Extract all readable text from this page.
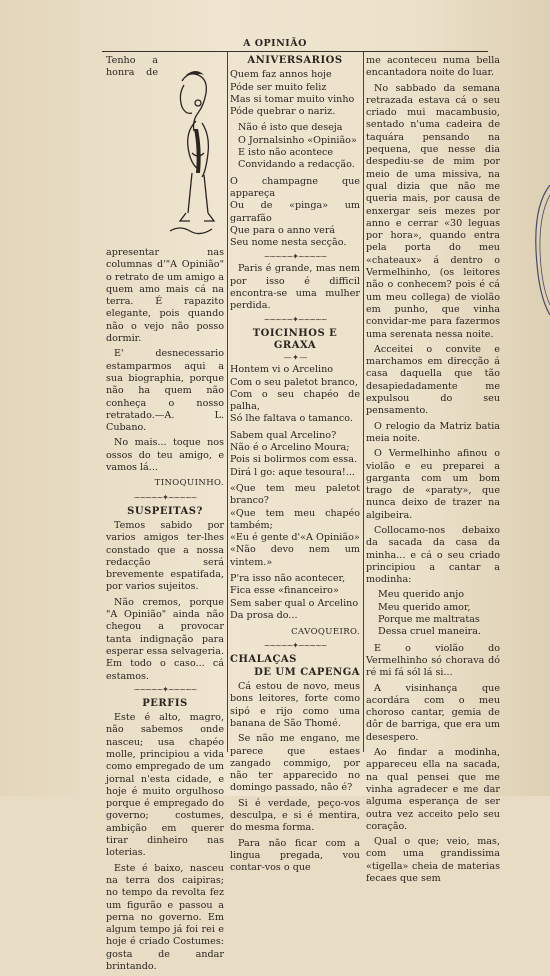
A OPINIÃO

Tenho a honra de apresentar nas columnas d'"A Opinião" o retrato de um amigo a quem amo mais cá na terra. É rapazito elegante, pois quando não o vejo não posso dormir.

E' desnecessario estamparmos aqui a sua biographia, porque não ha quem não conheça o nosso retratado.—A. L. Cubano.

No mais... toque nos ossos do teu amigo, e vamos lá...

TINOQUINHO.
~~~~~✦~~~~~
SUSPEITAS?

Temos sabido por varios amigos ter-lhes constado que a nossa redacção será brevemente espatifada, por varios sujeitos.

Não cremos, porque "A Opinião" ainda não chegou a provocar tanta indignação para esperar essa selvageria. Em todo o caso... cá estamos.

~~~~~✦~~~~~
PERFIS

Este é alto, magro, não sabemos onde nasceu; usa chapéo molle, principiou a vida como empregado de um jornal n'esta cidade, e hoje é muito orgulhoso porque é empregado do governo; costumes, ambição em querer tirar dinheiro nas loterias.

Este é baixo, nasceu na terra dos caipiras; no tempo da revolta fez um figurão e passou a perna no governo. Em algum tempo já foi rei e hoje é criado Costumes: gosta de andar brintando.

ANIVERSARIOS
Quem faz annos hoje
Póde ser muito feliz
Mas si tomar muito vinho
Póde quebrar o nariz.
Não é isto que deseja
O Jornalsinho «Opinião»
E isto não acontece
Convidando a redacção.
O champagne que appareça
Ou de «pinga» um garrafão
Que para o anno verá
Seu nome nesta secção.
~~~~~✦~~~~~

Paris é grande, mas nem por isso é difficil encontra-se uma mulher perdida.

~~~~~✦~~~~~
TOICINHOS E GRAXA
— ✦ —
Hontem vi o Arcelino
Com o seu paletot branco,
Com o seu chapéo de palha,
Só lhe faltava o tamanco.
Sabem qual Arcelino?
Não é o Arcelino Moura;
Pois si bolirmos com essa.
Dirá l go: aque tesoura!...
«Que tem meu paletot branco?
«Que tem meu chapéo também;
«Eu é gente d'«A Opinião»
«Não devo nem um vintem.»
P'ra isso não acontecer,
Fica esse «financeiro»
Sem saber qual o Arcelino
Da prosa do...
CAVOQUEIRO.
~~~~~✦~~~~~
CHALAÇAS
DE UM CAPENGA

Cá estou de novo, meus bons leitores, forte como sipó e rijo como uma banana de São Thomé.

Se não me engano, me parece que estaes zangado commigo, por não ter apparecido no domingo passado, não é?

Si é verdade, peço-vos desculpa, e si é mentira, do mesma forma.

Para não ficar com a lingua pregada, vou contar-vos o que

me aconteceu numa bella encantadora noite do luar.

No sabbado da semana retrazada estava cá o seu criado mui macambusio, sentado n'uma cadeira de taquára pensando na pequena, que nesse dia despediu-se de mim por meio de uma missiva, na qual dizia que não me queria mais, por causa de enxergar seis mezes por anno e cerrar «30 leguas por hora», quando entra pela porta do meu «chateaux» á dentro o Vermelhinho, (os leitores não o conhecem? pois é cá um meu collega) de violão em punho, que vinha convidar-me para fazermos uma serenata nessa noite.

Acceitei o convite e marchamos em direcção á casa daquella que tão desapiedadamente me expulsou do seu pensamento.

O relogio da Matriz batia meia noite.

O Vermelhinho afinou o violão e eu preparei a garganta com um bom trago de «paraty», que nunca deixo de trazer na algibeira.

Collocamo-nos debaixo da sacada da casa da minha... e cá o seu criado principiou a cantar a modinha:

Meu querido anjo
Meu querido amor,
Porque me maltratas
Dessa cruel maneira.

E o violão do Vermelhinho só chorava dó ré mi fá sól lá si...

A visinhança que acordára com o meu choroso cantar, gemia de dôr de barriga, que era um desespero.

Ao findar a modinha, appareceu ella na sacada, na qual pensei que me vinha agradecer e me dar alguma esperança de ser outra vez acceito pelo seu coração.

Qual o que; veio, mas, com uma grandissima «tigella» cheia de materias fecaes que sem
